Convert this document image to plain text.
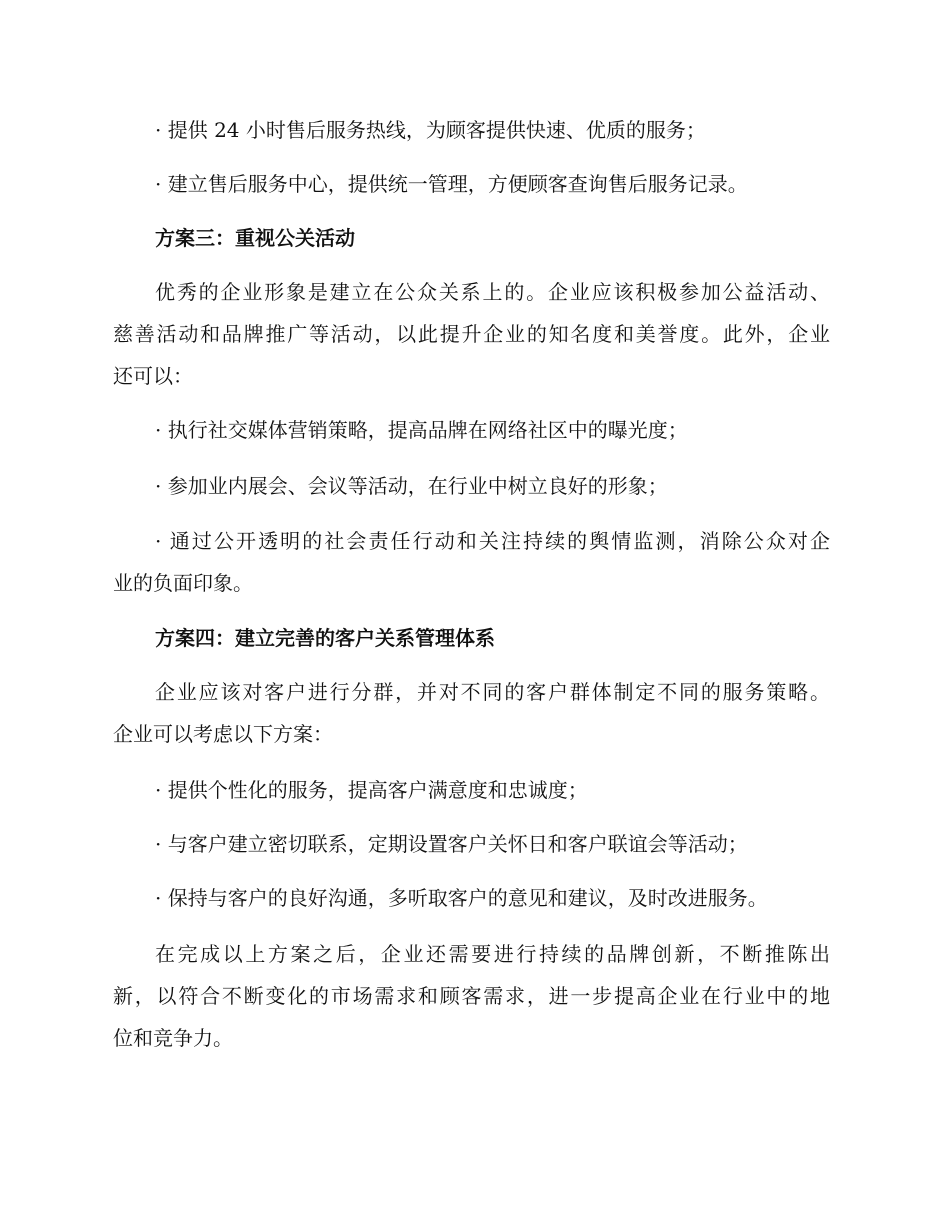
· 提供 24 小时售后服务热线，为顾客提供快速、优质的服务；
· 建立售后服务中心，提供统一管理，方便顾客查询售后服务记录。
方案三：重视公关活动
优秀的企业形象是建立在公众关系上的。企业应该积极参加公益活动、
慈善活动和品牌推广等活动，以此提升企业的知名度和美誉度。此外，企业
还可以：
· 执行社交媒体营销策略，提高品牌在网络社区中的曝光度；
· 参加业内展会、会议等活动，在行业中树立良好的形象；
· 通过公开透明的社会责任行动和关注持续的舆情监测，消除公众对企
业的负面印象。
方案四：建立完善的客户关系管理体系
企业应该对客户进行分群，并对不同的客户群体制定不同的服务策略。
企业可以考虑以下方案：
· 提供个性化的服务，提高客户满意度和忠诚度；
· 与客户建立密切联系，定期设置客户关怀日和客户联谊会等活动；
· 保持与客户的良好沟通，多听取客户的意见和建议，及时改进服务。
在完成以上方案之后，企业还需要进行持续的品牌创新，不断推陈出
新，以符合不断变化的市场需求和顾客需求，进一步提高企业在行业中的地
位和竞争力。
